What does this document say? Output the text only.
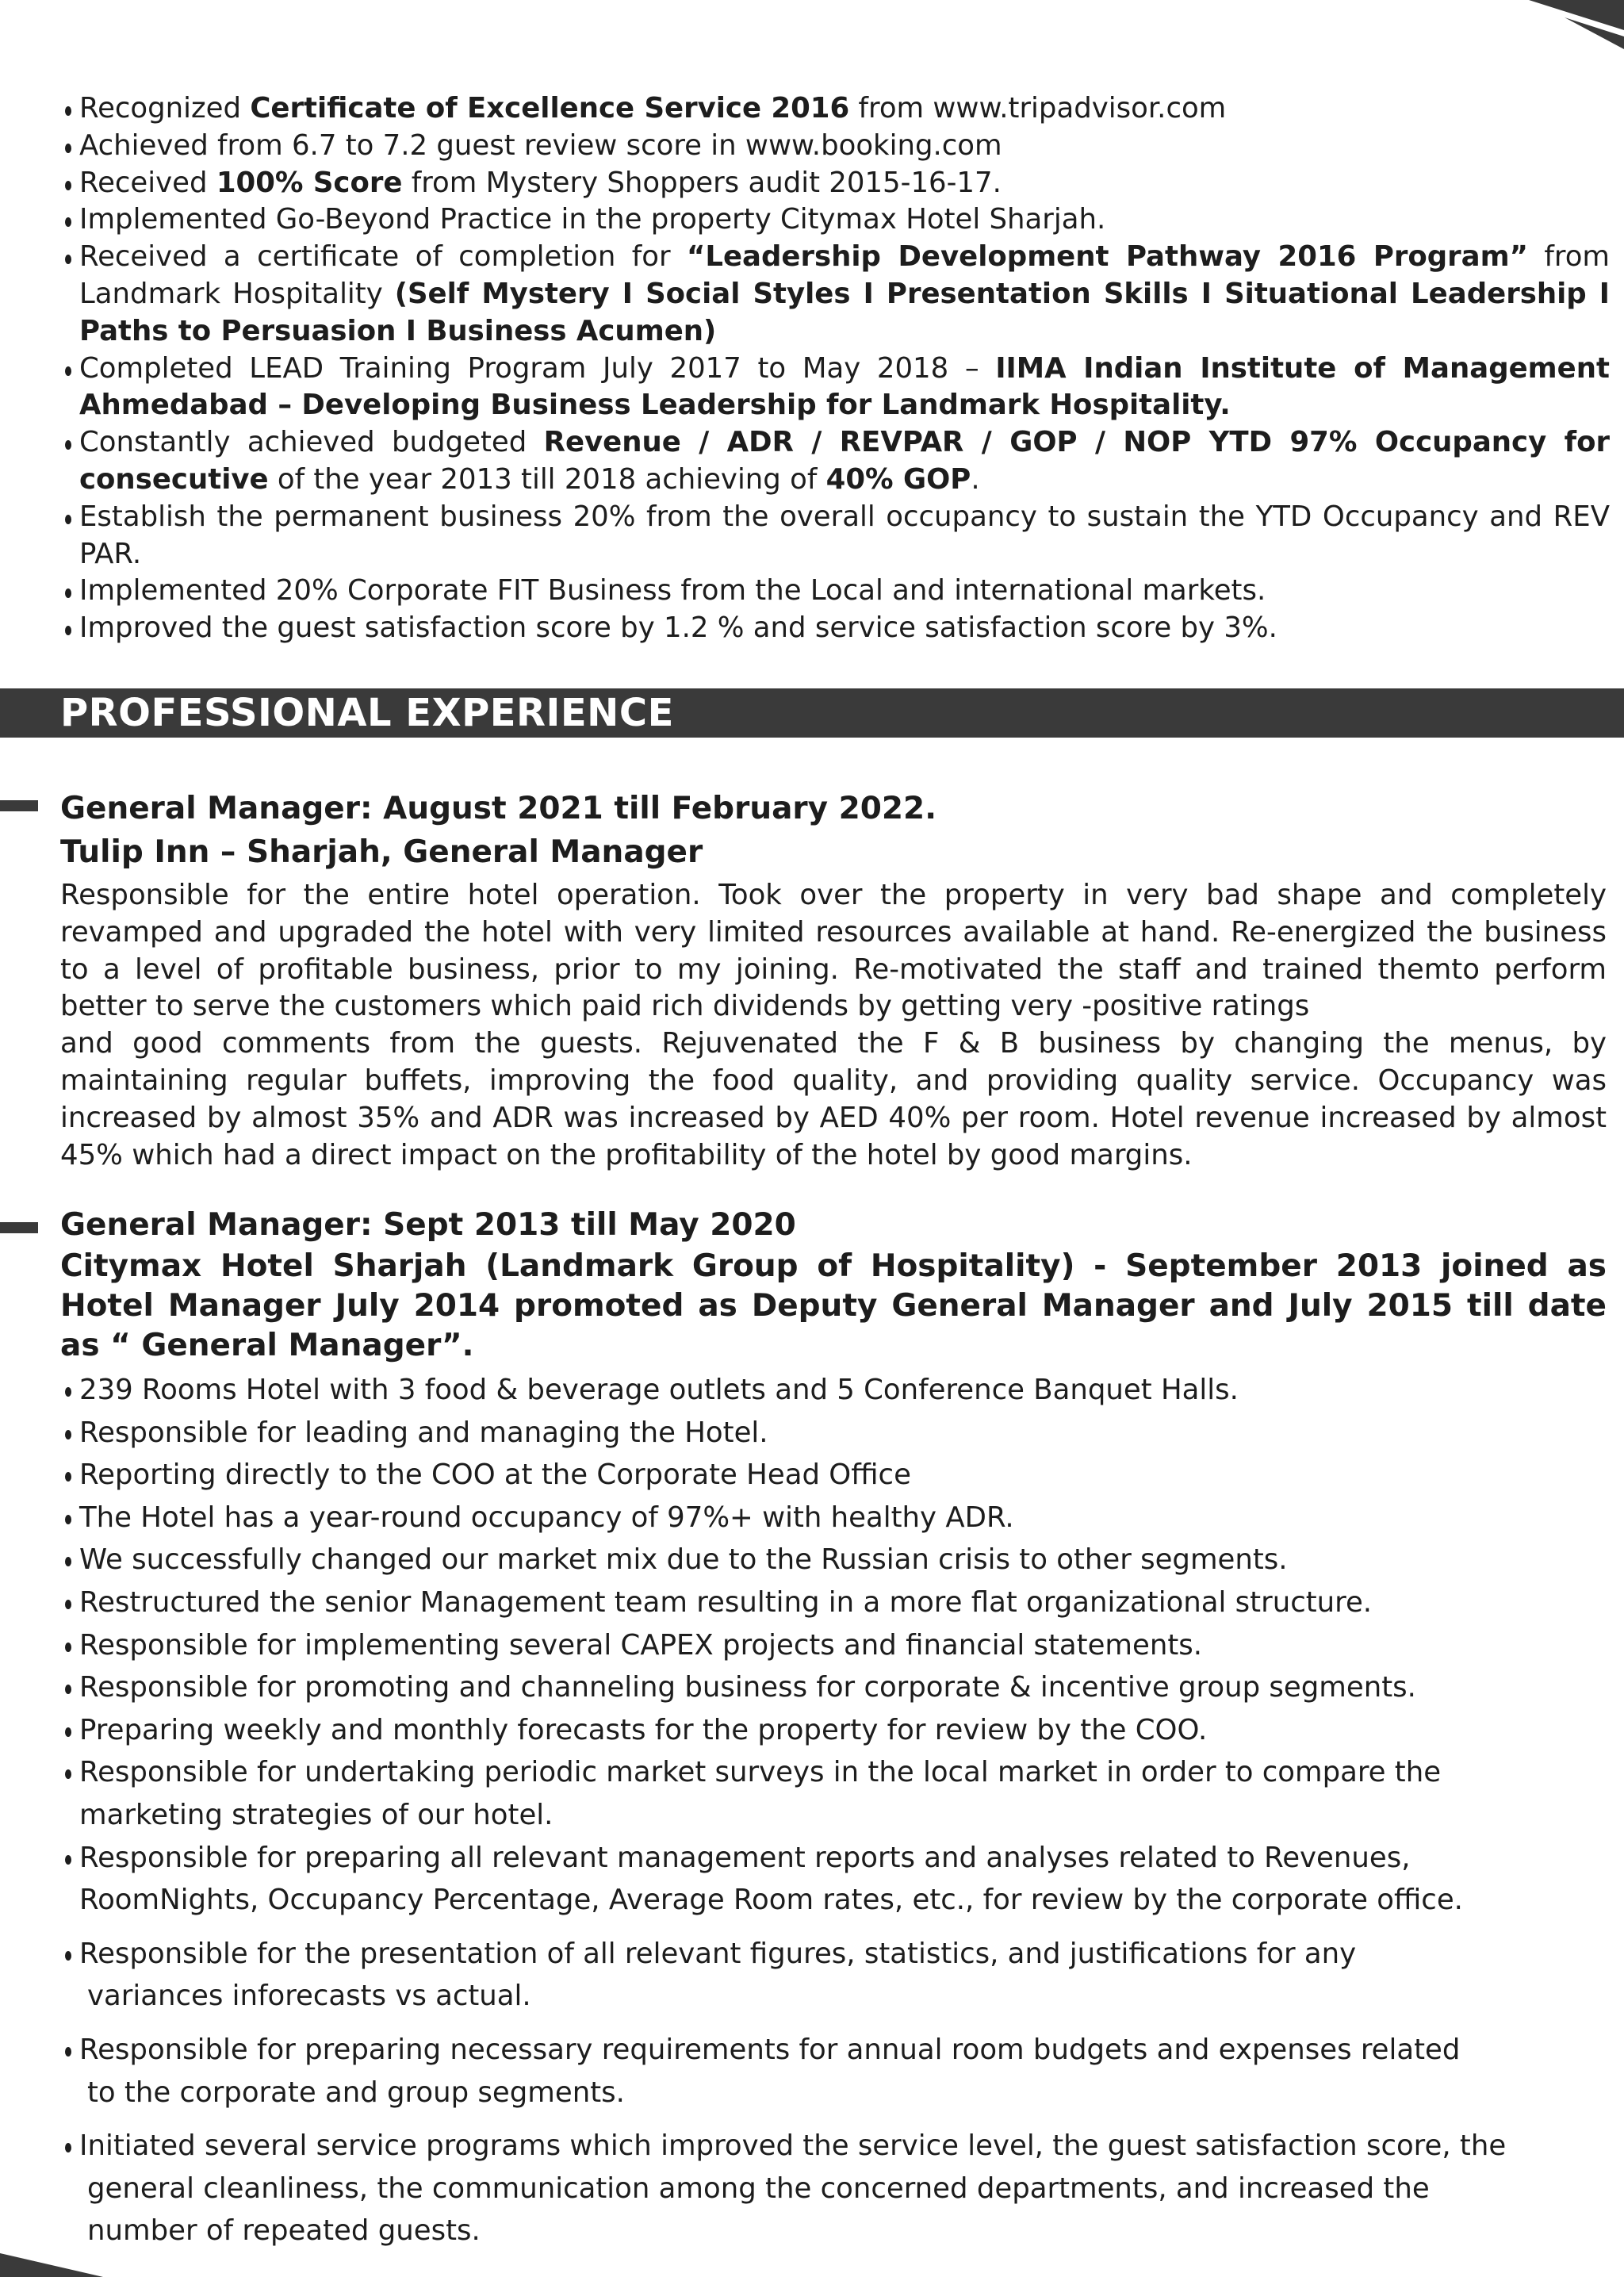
Recognized Certificate of Excellence Service 2016 from www.tripadvisor.com
Achieved from 6.7 to 7.2 guest review score in www.booking.com
Received 100% Score from Mystery Shoppers audit 2015-16-17.
Implemented Go-Beyond Practice in the property Citymax Hotel Sharjah.
Received a certificate of completion for “Leadership Development Pathway 2016 Program” from Landmark Hospitality (Self Mystery I Social Styles I Presentation Skills I Situational Leadership I Paths to Persuasion I Business Acumen)
Completed LEAD Training Program July 2017 to May 2018 – IIMA Indian Institute of Management Ahmedabad – Developing Business Leadership for Landmark Hospitality.
Constantly achieved budgeted Revenue / ADR / REVPAR / GOP / NOP YTD 97% Occupancy for consecutive of the year 2013 till 2018 achieving of 40% GOP.
Establish the permanent business 20% from the overall occupancy to sustain the YTD Occupancy and REV PAR.
Implemented 20% Corporate FIT Business from the Local and international markets.
Improved the guest satisfaction score by 1.2 % and service satisfaction score by 3%.
PROFESSIONAL EXPERIENCE
General Manager: August 2021 till February 2022.
Tulip Inn – Sharjah, General Manager

Responsible for the entire hotel operation. Took over the property in very bad shape and completely revamped and upgraded the hotel with very limited resources available at hand. Re-energized the business to a level of profitable business, prior to my joining. Re-motivated the staff and trained themto perform better to serve the customers which paid rich dividends by getting very -positive ratings

and good comments from the guests. Rejuvenated the F & B business by changing the menus, by maintaining regular buffets, improving the food quality, and providing quality service. Occupancy was increased by almost 35% and ADR was increased by AED 40% per room. Hotel revenue increased by almost 45% which had a direct impact on the profitability of the hotel by good margins.

General Manager: Sept 2013 till May 2020
Citymax Hotel Sharjah (Landmark Group of Hospitality) - September 2013 joined as Hotel Manager July 2014 promoted as Deputy General Manager and July 2015 till date as “ General Manager”.
239 Rooms Hotel with 3 food & beverage outlets and 5 Conference Banquet Halls.
Responsible for leading and managing the Hotel.
Reporting directly to the COO at the Corporate Head Office
The Hotel has a year-round occupancy of 97%+ with healthy ADR.
We successfully changed our market mix due to the Russian crisis to other segments.
Restructured the senior Management team resulting in a more flat organizational structure.
Responsible for implementing several CAPEX projects and financial statements.
Responsible for promoting and channeling business for corporate & incentive group segments.
Preparing weekly and monthly forecasts for the property for review by the COO.
Responsible for undertaking periodic market surveys in the local market in order to compare the
marketing strategies of our hotel.
Responsible for preparing all relevant management reports and analyses related to Revenues,
RoomNights, Occupancy Percentage, Average Room rates, etc., for review by the corporate office.
Responsible for the presentation of all relevant figures, statistics, and justifications for any
variances inforecasts vs actual.
Responsible for preparing necessary requirements for annual room budgets and expenses related
to the corporate and group segments.
Initiated several service programs which improved the service level, the guest satisfaction score, the
general cleanliness, the communication among the concerned departments, and increased the
number of repeated guests.
